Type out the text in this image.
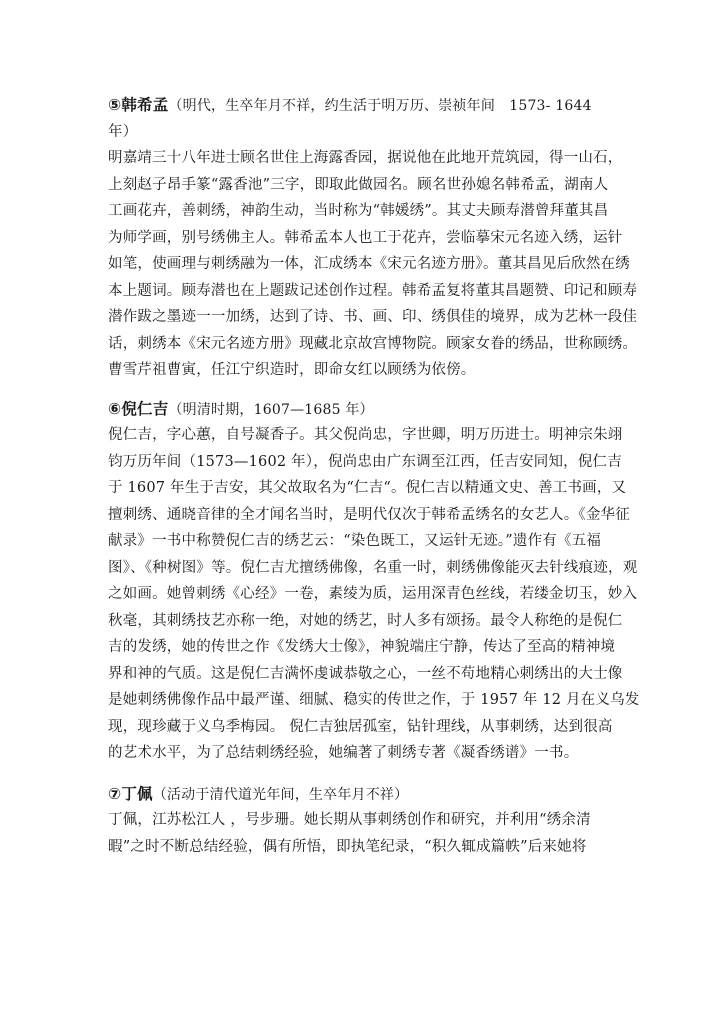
⑤韩希孟（明代，生卒年月不祥，约生活于明万历、崇祯年间　1573- 1644
年）
明嘉靖三十八年进士顾名世住上海露香园，据说他在此地开荒筑园，得一山石，
上刻赵子昂手篆“露香池”三字，即取此做园名。顾名世孙媳名韩希孟，湖南人
工画花卉，善刺绣，神韵生动，当时称为“韩媛绣”。其丈夫顾寿潜曾拜董其昌
为师学画，别号绣佛主人。韩希孟本人也工于花卉，尝临摹宋元名迹入绣，运针
如笔，使画理与刺绣融为一体，汇成绣本《宋元名迹方册》。董其昌见后欣然在绣
本上题词。顾寿潜也在上题跋记述创作过程。韩希孟复将董其昌题赞、印记和顾寿
潜作跋之墨迹一一加绣，达到了诗、书、画、印、绣俱佳的境界，成为艺林一段佳
话，刺绣本《宋元名迹方册》现藏北京故宫博物院。顾家女眷的绣品，世称顾绣。
曹雪芹祖曹寅，任江宁织造时，即命女红以顾绣为依傍。
⑥倪仁吉（明清时期，1607—1685 年）
倪仁吉，字心蕙，自号凝香子。其父倪尚忠，字世卿，明万历进士。明神宗朱翊
钧万历年间（1573—1602 年），倪尚忠由广东调至江西，任吉安同知，倪仁吉
于 1607 年生于吉安，其父故取名为“仁吉“。倪仁吉以精通文史、善工书画，又
擅刺绣、通晓音律的全才闻名当时，是明代仅次于韩希孟绣名的女艺人。《金华征
献录》一书中称赞倪仁吉的绣艺云：“染色既工，又运针无迹。”遗作有《五福
图》、《种树图》等。倪仁吉尤擅绣佛像，名重一时，刺绣佛像能灭去针线痕迹，观
之如画。她曾刺绣《心经》一卷，素绫为质，运用深青色丝线，若缕金切玉，妙入
秋毫，其刺绣技艺亦称一绝，对她的绣艺，时人多有颂扬。最令人称绝的是倪仁
吉的发绣，她的传世之作《发绣大士像》，神貌端庄宁静，传达了至高的精神境
界和神的气质。这是倪仁吉满怀虔诚恭敬之心，一丝不苟地精心刺绣出的大士像
是她刺绣佛像作品中最严谨、细腻、稳实的传世之作，于 1957 年 12 月在义乌发
现，现珍藏于义乌季梅园。 倪仁吉独居孤室，钻针理线，从事刺绣，达到很高
的艺术水平，为了总结刺绣经验，她编著了刺绣专著《凝香绣谱》一书。
⑦丁佩（活动于清代道光年间，生卒年月不祥）
丁佩，江苏松江人 ，号步珊。她长期从事刺绣创作和研究，并利用“绣余清
暇”之时不断总结经验，偶有所悟，即执笔纪录，“积久辄成篇帙”后来她将
